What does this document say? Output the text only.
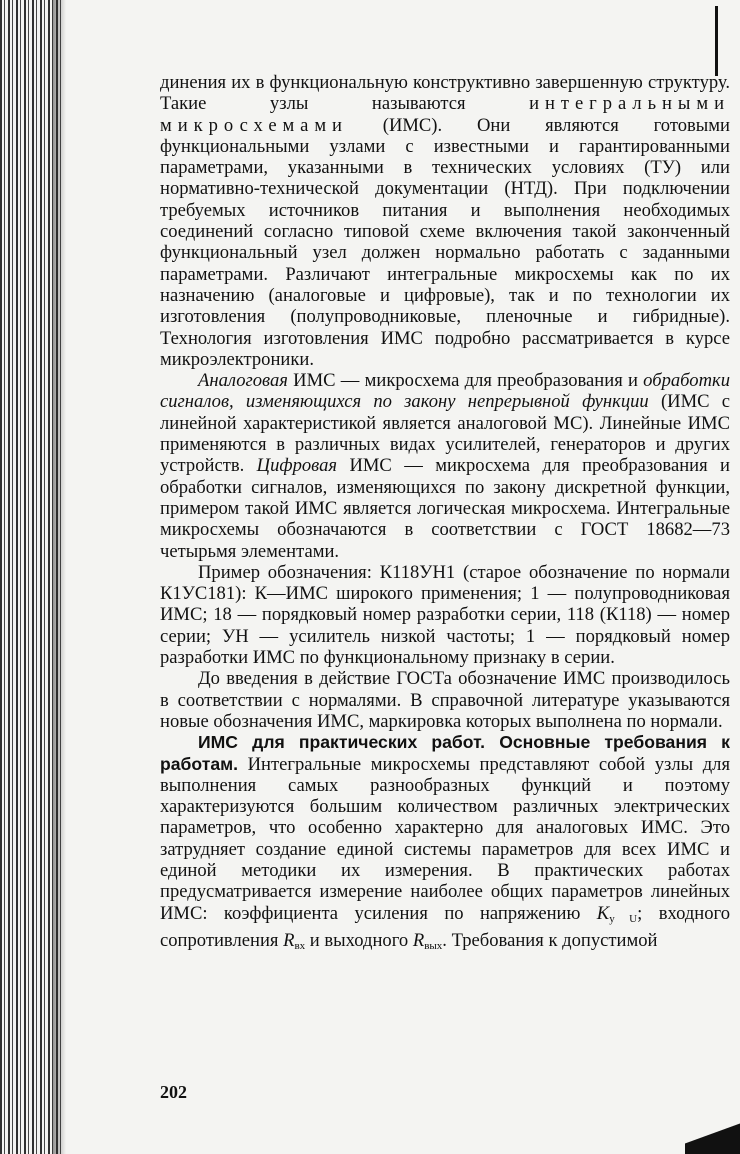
динения их в функциональную конструктивно завершенную структуру. Такие узлы называются интегральными микросхемами (ИМС). Они являются готовыми функциональными узлами с известными и гарантированными параметрами, указанными в технических условиях (ТУ) или нормативно-технической документации (НТД). При подключении требуемых источников питания и выполнения необходимых соединений согласно типовой схеме включения такой законченный функциональный узел должен нормально работать с заданными параметрами. Различают интегральные микросхемы как по их назначению (аналоговые и цифровые), так и по технологии их изготовления (полупроводниковые, пленочные и гибридные). Технология изготовления ИМС подробно рассматривается в курсе микроэлектроники.

Аналоговая ИМС — микросхема для преобразования и обработки сигналов, изменяющихся по закону непрерывной функции (ИМС с линейной характеристикой является аналоговой МС). Линейные ИМС применяются в различных видах усилителей, генераторов и других устройств. Цифровая ИМС — микросхема для преобразования и обработки сигналов, изменяющихся по закону дискретной функции, примером такой ИМС является логическая микросхема. Интегральные микросхемы обозначаются в соответствии с ГОСТ 18682—73 четырьмя элементами.

Пример обозначения: К118УН1 (старое обозначение по нормали К1УС181): К—ИМС широкого применения; 1 — полупроводниковая ИМС; 18 — порядковый номер разработки серии, 118 (К118) — номер серии; УН — усилитель низкой частоты; 1 — порядковый номер разработки ИМС по функциональному признаку в серии.

До введения в действие ГОСТа обозначение ИМС производилось в соответствии с нормалями. В справочной литературе указываются новые обозначения ИМС, маркировка которых выполнена по нормали.

ИМС для практических работ. Основные требования к работам. Интегральные микросхемы представляют собой узлы для выполнения самых разнообразных функций и поэтому характеризуются большим количеством различных электрических параметров, что особенно характерно для аналоговых ИМС. Это затрудняет создание единой системы параметров для всех ИМС и единой методики их измерения. В практических работах предусматривается измерение наиболее общих параметров линейных ИМС: коэффициента усиления по напряжению $K_{у U}$; входного сопротивления $R_{вх}$ и выходного $R_{вых}$. Требования к допустимой

202
